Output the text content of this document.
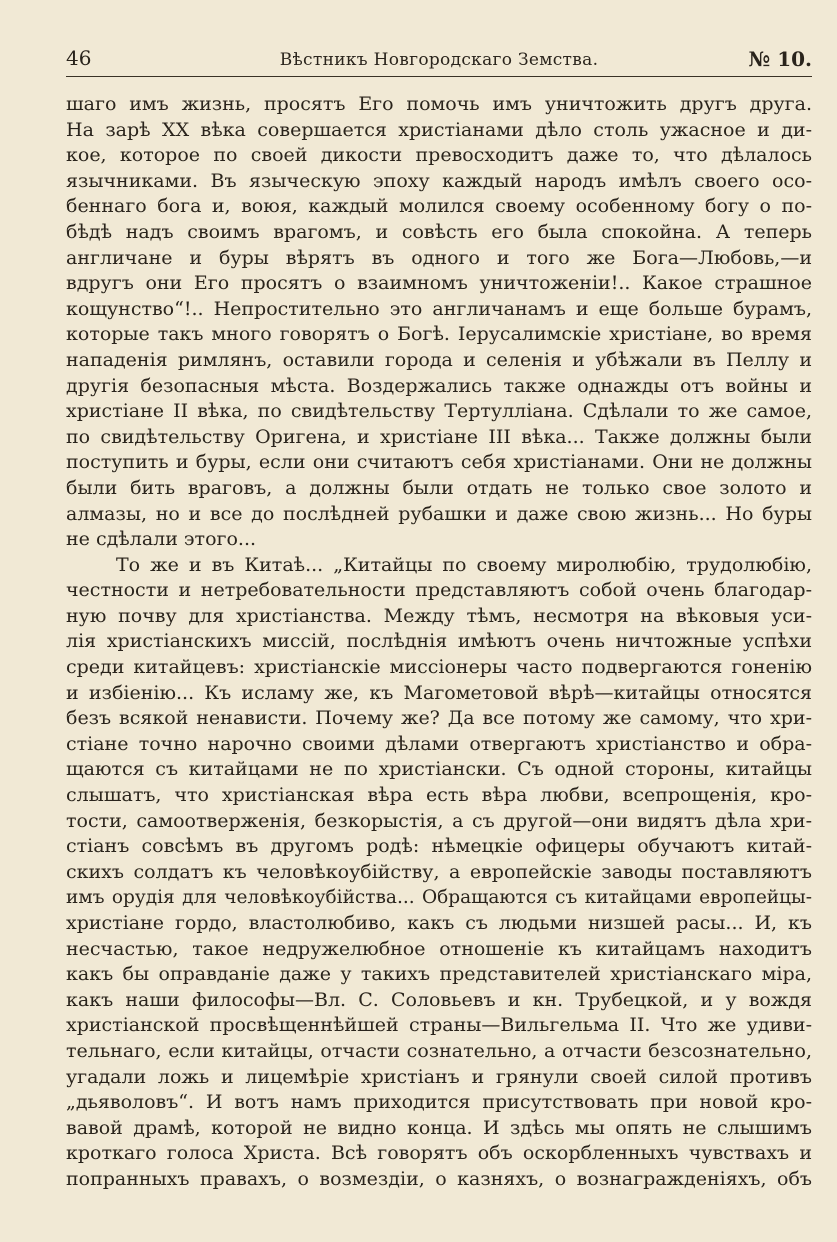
46	Вѣстникъ Новгородскаго Земства.	№ 10.
шаго имъ жизнь, просятъ Его помочь имъ уничтожить другъ друга.
На зарѣ XX вѣка совершается христіанами дѣло столь ужасное и ди-
кое, которое по своей дикости превосходитъ даже то, что дѣлалось
язычниками. Въ языческую эпоху каждый народъ имѣлъ своего осо-
беннаго бога и, воюя, каждый молился своему особенному богу о по-
бѣдѣ надъ своимъ врагомъ, и совѣсть его была спокойна. А теперь
англичане и буры вѣрятъ въ одного и того же Бога—Любовь,—и
вдругъ они Его просятъ о взаимномъ уничтоженіи!.. Какое страшное
кощунство“!.. Непростительно это англичанамъ и еще больше бурамъ,
которые такъ много говорятъ о Богѣ. Іерусалимскіе христіане, во время
нападенія римлянъ, оставили города и селенія и убѣжали въ Пеллу и
другія безопасныя мѣста. Воздержались также однажды отъ войны и
христіане II вѣка, по свидѣтельству Тертулліана. Сдѣлали то же самое,
по свидѣтельству Оригена, и христіане III вѣка... Также должны были
поступить и буры, если они считаютъ себя христіанами. Они не должны
были бить враговъ, а должны были отдать не только свое золото и
алмазы, но и все до послѣдней рубашки и даже свою жизнь... Но буры
не сдѣлали этого...
То же и въ Китаѣ... „Китайцы по своему миролюбію, трудолюбію,
честности и нетребовательности представляютъ собой очень благодар-
ную почву для христіанства. Между тѣмъ, несмотря на вѣковыя уси-
лія христіанскихъ миссій, послѣднія имѣютъ очень ничтожные успѣхи
среди китайцевъ: христіанскіе миссіонеры часто подвергаются гоненію
и избіенію... Къ исламу же, къ Магометовой вѣрѣ—китайцы относятся
безъ всякой ненависти. Почему же? Да все потому же самому, что хри-
стіане точно нарочно своими дѣлами отвергаютъ христіанство и обра-
щаются съ китайцами не по христіански. Съ одной стороны, китайцы
слышатъ, что христіанская вѣра есть вѣра любви, всепрощенія, кро-
тости, самоотверженія, безкорыстія, а съ другой—они видятъ дѣла хри-
стіанъ совсѣмъ въ другомъ родѣ: нѣмецкіе офицеры обучаютъ китай-
скихъ солдатъ къ человѣкоубійству, а европейскіе заводы поставляютъ
имъ орудія для человѣкоубійства... Обращаются съ китайцами европейцы-
христіане гордо, властолюбиво, какъ съ людьми низшей расы... И, къ
несчастью, такое недружелюбное отношеніе къ китайцамъ находитъ
какъ бы оправданіе даже у такихъ представителей христіанскаго міра,
какъ наши философы—Вл. С. Соловьевъ и кн. Трубецкой, и у вождя
христіанской просвѣщеннѣйшей страны—Вильгельма II. Что же удиви-
тельнаго, если китайцы, отчасти сознательно, а отчасти безсознательно,
угадали ложь и лицемѣріе христіанъ и грянули своей силой противъ
„дьяволовъ“. И вотъ намъ приходится присутствовать при новой кро-
вавой драмѣ, которой не видно конца. И здѣсь мы опять не слышимъ
кроткаго голоса Христа. Всѣ говорятъ объ оскорбленныхъ чувствахъ и
попранныхъ правахъ, о возмездіи, о казняхъ, о вознагражденіяхъ, объ
